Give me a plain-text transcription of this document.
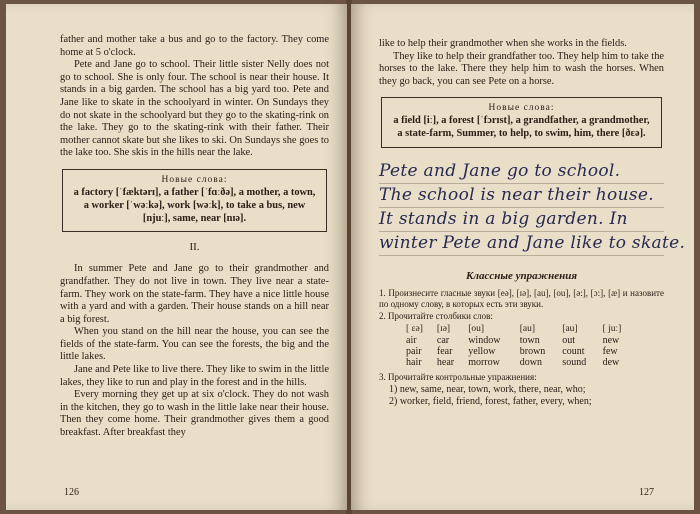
father and mother take a bus and go to the factory. They come home at 5 o'clock.

Pete and Jane go to school. Their little sister Nelly does not go to school. She is only four. The school is near their house. It stands in a big garden. The school has a big yard too. Pete and Jane like to skate in the schoolyard in winter. On Sundays they do not skate in the schoolyard but they go to the skating-rink on the lake. They go to the skating-rink with their father. Their mother cannot skate but she likes to ski. On Sundays she goes to the lake too. She skis in the hills near the lake.

Новые слова:
a factory [ˈfæktərɪ], a father [ˈfɑːðə], a mother, a town, a worker [ˈwəːkə], work [wəːk], to take a bus, new [njuː], same, near [nɪə].
II.

In summer Pete and Jane go to their grandmother and grandfather. They do not live in town. They live near a state-farm. They work on the state-farm. They have a nice little house with a yard and with a garden. Their house stands on a hill near a big forest.

When you stand on the hill near the house, you can see the fields of the state-farm. You can see the forests, the big and the little lakes.

Jane and Pete like to live there. They like to swim in the little lakes, they like to run and play in the forest and in the hills.

Every morning they get up at six o'clock. They do not wash in the kitchen, they go to wash in the little lake near their house. Then they come home. Their grandmother gives them a good breakfast. After breakfast they

126

like to help their grandmother when she works in the fields.

They like to help their grandfather too. They help him to take the horses to the lake. There they help him to wash the horses. When they go back, you can see Pete on a horse.

Новые слова:
a field [iː], a forest [ˈfɔrɪst], a grandfather, a grandmother, a state-farm, Summer, to help, to swim, him, there [ðɛə].
Pete and Jane go to school.
The school is near their house.
It stands in a big garden. In
winter Pete and Jane like to skate.
Классные упражнения

1. Произнесите гласные звуки [eə], [ɪə], [au], [ou], [ə:], [ɔ:], [æ] и назовите по одному слову, в которых есть эти звуки.

2. Прочитайте столбики слов:

[ ɛə]	[ɪə]	[ou]	[au]	[au]	[ juː]
air	car	window	town	out	new
pair	fear	yellow	brown	count	few
hair	hear	morrow	down	sound	dew

3. Прочитайте контрольные упражнения:

1) new, same, near, town, work, there, near, who;
2) worker, field, friend, forest, father, every, when;
127
